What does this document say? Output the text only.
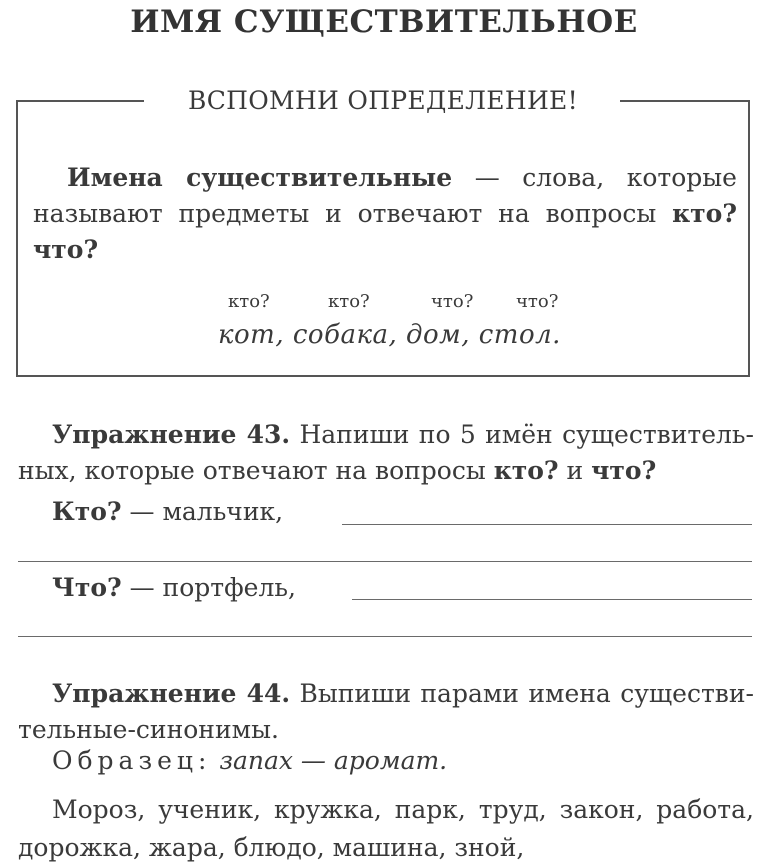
ИМЯ СУЩЕСТВИТЕЛЬНОЕ
ВСПОМНИ ОПРЕДЕЛЕНИЕ!
Имена существительные — слова, которые называют предметы и отвечают на вопросы кто? что?
кто?	кто?	что? что?
кот, собака, дом, стол.
Упражнение 43. Напиши по 5 имён существительных, которые отвечают на вопросы кто? и что?
Кто? — мальчик,
Что? — портфель,
Упражнение 44. Выпиши парами имена существительные-синонимы.
Образец: запах — аромат.
Мороз, ученик, кружка, парк, труд, закон, работа, дорожка, жара, блюдо, машина, зной,
